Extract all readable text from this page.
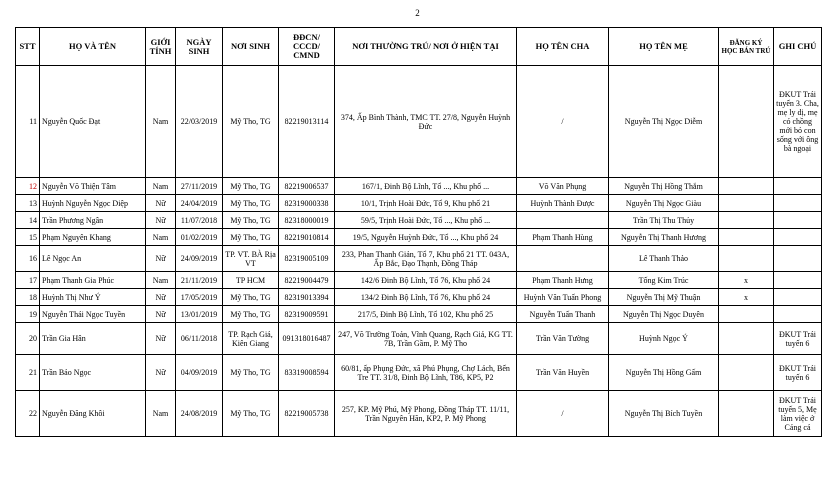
2
STT	HỌ VÀ TÊN	GIỚI TÍNH	NGÀY SINH	NƠI SINH	ĐĐCN/ CCCD/ CMND	NƠI THƯỜNG TRÚ/ NƠI Ở HIỆN TẠI	HỌ TÊN CHA	HỌ TÊN MẸ	ĐĂNG KÝ HỌC BÁN TRÚ	GHI CHÚ
11	Nguyễn Quốc Đạt	Nam	22/03/2019	Mỹ Tho, TG	82219013114	374, Ấp Bình Thành, TMC TT. 27/8, Nguyễn Huỳnh Đức	/	Nguyễn Thị Ngọc Diễm		ĐKUT Trái tuyến 3. Cha, mẹ ly dị, mẹ có chồng mới bỏ con sống với ông bà ngoại
12	Nguyễn Võ Thiện Tâm	Nam	27/11/2019	Mỹ Tho, TG	82219006537	167/1, Đinh Bộ Lĩnh, Tổ ..., Khu phố ...	Võ Văn Phụng	Nguyễn Thị Hồng Thắm		
13	Huỳnh Nguyễn Ngọc Diệp	Nữ	24/04/2019	Mỹ Tho, TG	82319000338	10/1, Trịnh Hoài Đức, Tổ 9, Khu phố 21	Huỳnh Thành Được	Nguyễn Thị Ngọc Giàu		
14	Trần Phương Ngân	Nữ	11/07/2018	Mỹ Tho, TG	82318000019	59/5, Trịnh Hoài Đức, Tổ ..., Khu phố ...		Trần Thị Thu Thủy		
15	Phạm Nguyên Khang	Nam	01/02/2019	Mỹ Tho, TG	82219010814	19/5, Nguyễn Huỳnh Đức, Tổ ..., Khu phố 24	Phạm Thanh Hùng	Nguyễn Thị Thanh Hương		
16	Lê Ngọc An	Nữ	24/09/2019	TP. VT. BÀ Rịa VT	82319005109	233, Phan Thanh Giản, Tổ 7, Khu phố 21 TT. 043A, Ấp Bắc, Đạo Thạnh, Đồng Tháp		Lê Thanh Thảo		
17	Phạm Thanh Gia Phúc	Nam	21/11/2019	TP HCM	82219004479	142/6 Đinh Bộ Lĩnh, Tổ 76, Khu phố 24	Phạm Thanh Hưng	Tống Kim Trúc	x	
18	Huỳnh Thị Như Ý	Nữ	17/05/2019	Mỹ Tho, TG	82319013394	134/2 Đinh Bộ Lĩnh, Tổ 76, Khu phố 24	Huỳnh Văn Tuấn Phong	Nguyễn Thị Mỹ Thuận	x	
19	Nguyễn Thái Ngọc Tuyền	Nữ	13/01/2019	Mỹ Tho, TG	82319009591	217/5, Đinh Bộ Lĩnh, Tổ 102, Khu phố 25	Nguyễn Tuấn Thanh	Nguyễn Thị Ngọc Duyên		
20	Trần Gia Hân	Nữ	06/11/2018	TP. Rạch Giá, Kiên Giang	091318016487	247, Võ Trường Toản, Vĩnh Quang, Rạch Giá, KG TT. 7B, Trần Gầm, P. Mỹ Tho	Trần Văn Tường	Huỳnh Ngọc Ý		ĐKUT Trái tuyến 6
21	Trần Bảo Ngọc	Nữ	04/09/2019	Mỹ Tho, TG	83319008594	60/81, ấp Phụng Đức, xã Phú Phụng, Chợ Lách, Bến Tre TT. 31/8, Đinh Bộ Lĩnh, T86, KP5, P2	Trần Văn Huyền	Nguyễn Thị Hồng Gấm		ĐKUT Trái tuyến 6
22	Nguyễn Đăng Khôi	Nam	24/08/2019	Mỹ Tho, TG	82219005738	257, KP. Mỹ Phú, Mỹ Phong, Đồng Tháp TT. 11/11, Trần Nguyên Hãn, KP2, P. Mỹ Phong	/	Nguyễn Thị Bích Tuyền		ĐKUT Trái tuyến 5, Mẹ làm việc ở Cảng cá
